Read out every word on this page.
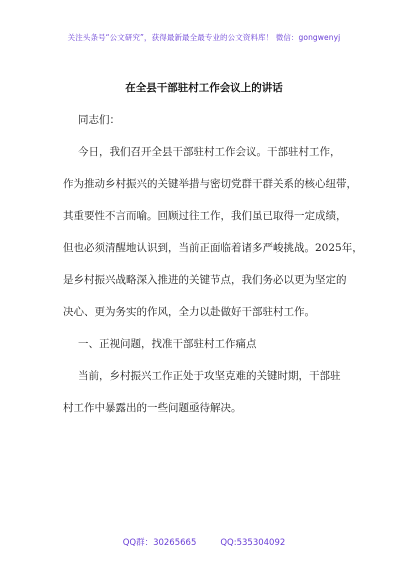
关注头条号“公文研究”，获得最新最全最专业的公文资料库！ 微信：gongwenyj
在全县干部驻村工作会议上的讲话

同志们：

今日，我们召开全县干部驻村工作会议。干部驻村工作，
作为推动乡村振兴的关键举措与密切党群干群关系的核心纽带，
其重要性不言而喻。回顾过往工作，我们虽已取得一定成绩，
但也必须清醒地认识到，当前正面临着诸多严峻挑战。2025年，
是乡村振兴战略深入推进的关键节点，我们务必以更为坚定的
决心、更为务实的作风，全力以赴做好干部驻村工作。

一、正视问题，找准干部驻村工作痛点

当前，乡村振兴工作正处于攻坚克难的关键时期，干部驻
村工作中暴露出的一些问题亟待解决。

QQ群：30265665	QQ:535304092
